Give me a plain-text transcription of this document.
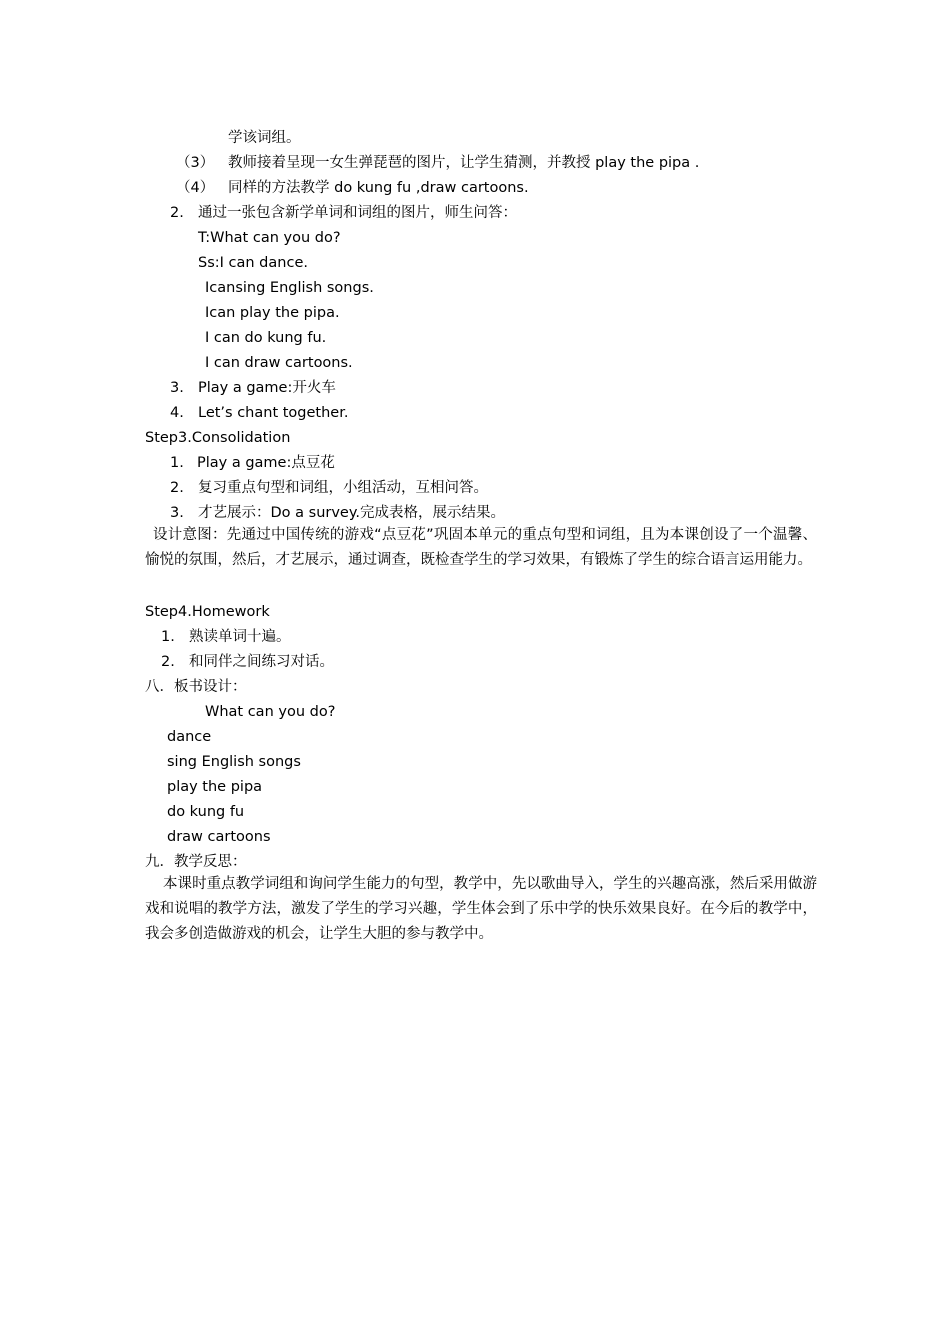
学该词组。
（3） 教师接着呈现一女生弹琵琶的图片，让学生猜测，并教授 play the pipa .
（4） 同样的方法教学 do kung fu ,draw cartoons.
2. 通过一张包含新学单词和词组的图片，师生问答：
T:What can you do?
Ss:I can dance.
Icansing English songs.
Ican play the pipa.
I can do kung fu.
I can draw cartoons.
3. Play a game:开火车
4. Let’s chant together.
Step3.Consolidation
1. Play a game:点豆花
2. 复习重点句型和词组，小组活动，互相问答。
3. 才艺展示：Do a survey.完成表格，展示结果。
设计意图：先通过中国传统的游戏“点豆花”巩固本单元的重点句型和词组，且为本课创设了一个温馨、愉悦的氛围，然后，才艺展示，通过调查，既检查学生的学习效果，有锻炼了学生的综合语言运用能力。
Step4.Homework
1. 熟读单词十遍。
2. 和同伴之间练习对话。
八．板书设计：
What can you do?
dance
sing English songs
play the pipa
do kung fu
draw cartoons
九．教学反思：
本课时重点教学词组和询问学生能力的句型，教学中，先以歌曲导入，学生的兴趣高涨，然后采用做游戏和说唱的教学方法，激发了学生的学习兴趣，学生体会到了乐中学的快乐效果良好。在今后的教学中，我会多创造做游戏的机会，让学生大胆的参与教学中。
